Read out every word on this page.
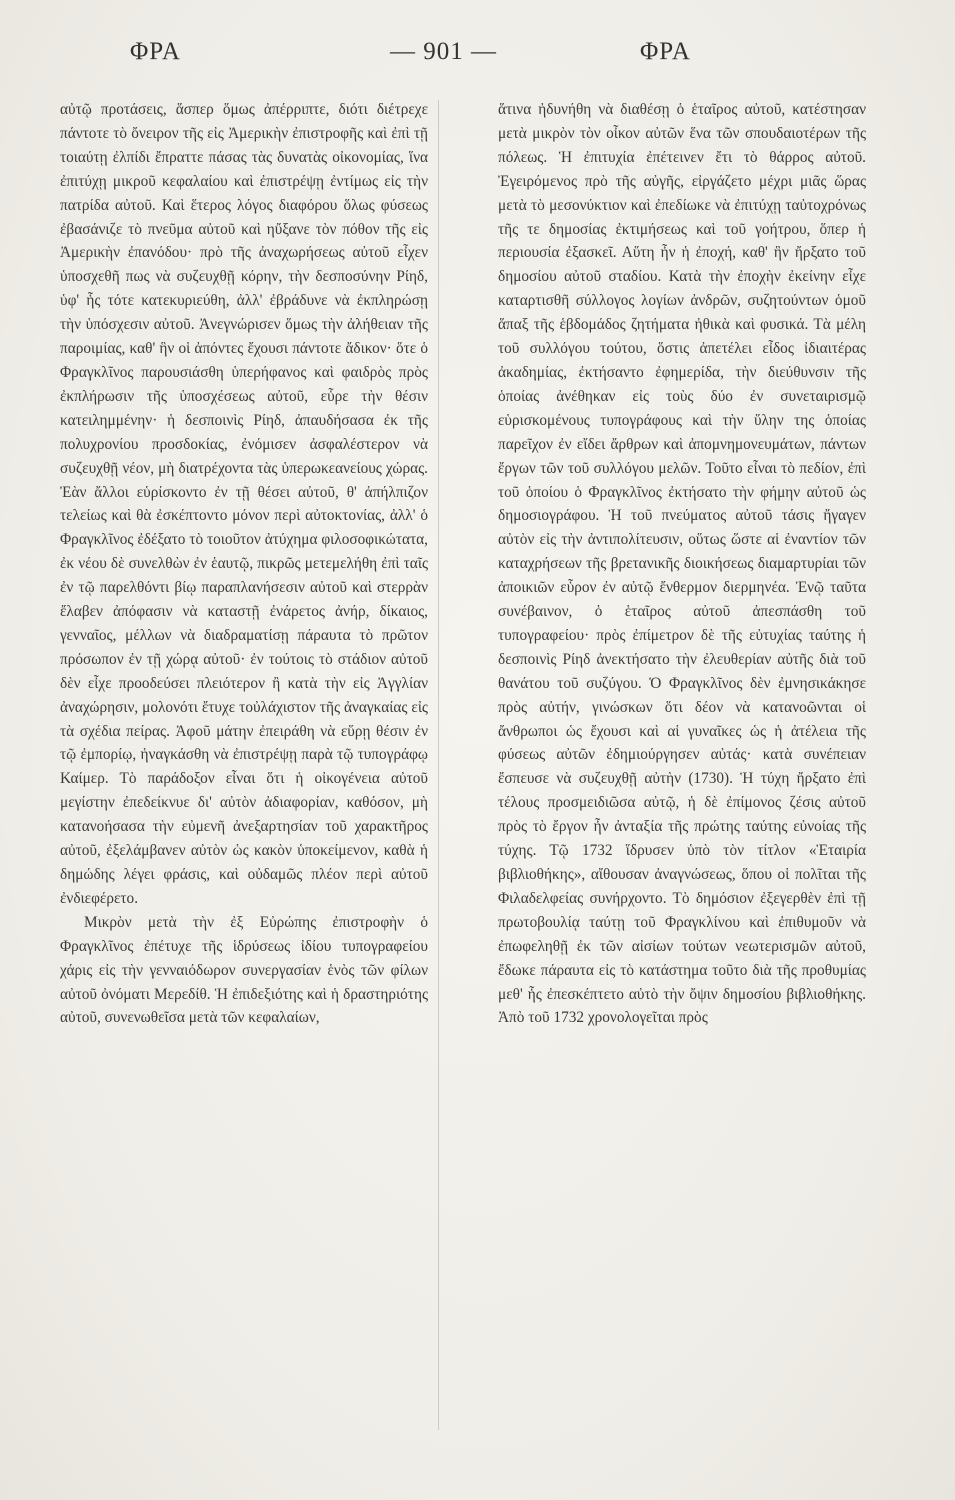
ΦΡΑ	— 901 —	ΦΡΑ

αὐτῷ προτάσεις, ἅσπερ ὅμως ἀπέρριπτε, διότι διέτρεχε πάντοτε τὸ ὄνειρον τῆς εἰς Ἀμερικὴν ἐπιστροφῆς καὶ ἐπὶ τῇ τοιαύτῃ ἐλπίδι ἔπραττε πάσας τὰς δυνατὰς οἰκονομίας, ἵνα ἐπιτύχῃ μικροῦ κεφαλαίου καὶ ἐπιστρέψῃ ἐντίμως εἰς τὴν πατρίδα αὐτοῦ. Καὶ ἕτερος λόγος διαφόρου ὅλως φύσεως ἐβασάνιζε τὸ πνεῦμα αὐτοῦ καὶ ηὔξανε τὸν πόθον τῆς εἰς Ἀμερικὴν ἐπανόδου· πρὸ τῆς ἀναχωρήσεως αὐτοῦ εἶχεν ὑποσχεθῆ πως νὰ συζευχθῇ κόρην, τὴν δεσποσύνην Ρίηδ, ὑφ' ἧς τότε κατεκυριεύθη, ἀλλ' ἐβράδυνε νὰ ἐκπληρώσῃ τὴν ὑπόσχεσιν αὐτοῦ. Ἀνεγνώρισεν ὅμως τὴν ἀλήθειαν τῆς παροιμίας, καθ' ἣν οἱ ἀπόντες ἔχουσι πάντοτε ἄδικον· ὅτε ὁ Φραγκλῖνος παρουσιάσθη ὑπερήφανος καὶ φαιδρὸς πρὸς ἐκπλήρωσιν τῆς ὑποσχέσεως αὐτοῦ, εὗρε τὴν θέσιν κατειλημμένην· ἡ δεσποινὶς Ρίηδ, ἀπαυδήσασα ἐκ τῆς πολυχρονίου προσδοκίας, ἐνόμισεν ἀσφαλέστερον νὰ συζευχθῇ νέον, μὴ διατρέχοντα τὰς ὑπερωκεανείους χώρας. Ἐὰν ἄλλοι εὑρίσκοντο ἐν τῇ θέσει αὐτοῦ, θ' ἀπήλπιζον τελείως καὶ θὰ ἐσκέπτοντο μόνον περὶ αὐτοκτονίας, ἀλλ' ὁ Φραγκλῖνος ἐδέξατο τὸ τοιοῦτον ἀτύχημα φιλοσοφικώτατα, ἐκ νέου δὲ συνελθὼν ἐν ἑαυτῷ, πικρῶς μετεμελήθη ἐπὶ ταῖς ἐν τῷ παρελθόντι βίῳ παραπλανήσεσιν αὐτοῦ καὶ στερρὰν ἔλαβεν ἀπόφασιν νὰ καταστῇ ἐνάρετος ἀνήρ, δίκαιος, γενναῖος, μέλλων νὰ διαδραματίσῃ πάραυτα τὸ πρῶτον πρόσωπον ἐν τῇ χώρᾳ αὐτοῦ· ἐν τούτοις τὸ στάδιον αὐτοῦ δὲν εἶχε προοδεύσει πλειότερον ἢ κατὰ τὴν εἰς Ἀγγλίαν ἀναχώρησιν, μολονότι ἔτυχε τοὐλάχιστον τῆς ἀναγκαίας εἰς τὰ σχέδια πείρας. Ἀφοῦ μάτην ἐπειράθη νὰ εὕρῃ θέσιν ἐν τῷ ἐμπορίῳ, ἠναγκάσθη νὰ ἐπιστρέψῃ παρὰ τῷ τυπογράφῳ Καίμερ. Τὸ παράδοξον εἶναι ὅτι ἡ οἰκογένεια αὐτοῦ μεγίστην ἐπεδείκνυε δι' αὐτὸν ἀδιαφορίαν, καθόσον, μὴ κατανοήσασα τὴν εὐμενῆ ἀνεξαρτησίαν τοῦ χαρακτῆρος αὐτοῦ, ἐξελάμβανεν αὐτὸν ὡς κακὸν ὑποκείμενον, καθὰ ἡ δημώδης λέγει φράσις, καὶ οὐδαμῶς πλέον περὶ αὐτοῦ ἐνδιεφέρετο.

Μικρὸν μετὰ τὴν ἐξ Εὐρώπης ἐπιστροφὴν ὁ Φραγκλῖνος ἐπέτυχε τῆς ἱδρύσεως ἰδίου τυπογραφείου χάρις εἰς τὴν γενναιόδωρον συνεργασίαν ἑνὸς τῶν φίλων αὐτοῦ ὀνόματι Μερεδίθ. Ἡ ἐπιδεξιότης καὶ ἡ δραστηριότης αὐτοῦ, συνενωθεῖσα μετὰ τῶν κεφαλαίων,

ἅτινα ἠδυνήθη νὰ διαθέσῃ ὁ ἑταῖρος αὐτοῦ, κατέστησαν μετὰ μικρὸν τὸν οἶκον αὐτῶν ἕνα τῶν σπουδαιοτέρων τῆς πόλεως. Ἡ ἐπιτυχία ἐπέτεινεν ἔτι τὸ θάρρος αὐτοῦ. Ἐγειρόμενος πρὸ τῆς αὐγῆς, εἰργάζετο μέχρι μιᾶς ὥρας μετὰ τὸ μεσονύκτιον καὶ ἐπεδίωκε νὰ ἐπιτύχῃ ταὐτοχρόνως τῆς τε δημοσίας ἐκτιμήσεως καὶ τοῦ γοήτρου, ὅπερ ἡ περιουσία ἐξασκεῖ. Αὕτη ἦν ἡ ἐποχή, καθ' ἣν ἤρξατο τοῦ δημοσίου αὐτοῦ σταδίου. Κατὰ τὴν ἐποχὴν ἐκείνην εἶχε καταρτισθῆ σύλλογος λογίων ἀνδρῶν, συζητούντων ὁμοῦ ἅπαξ τῆς ἑβδομάδος ζητήματα ἠθικὰ καὶ φυσικά. Τὰ μέλη τοῦ συλλόγου τούτου, ὅστις ἀπετέλει εἶδος ἰδιαιτέρας ἀκαδημίας, ἐκτήσαντο ἐφημερίδα, τὴν διεύθυνσιν τῆς ὁποίας ἀνέθηκαν εἰς τοὺς δύο ἐν συνεταιρισμῷ εὑρισκομένους τυπογράφους καὶ τὴν ὕλην της ὁποίας παρεῖχον ἐν εἴδει ἄρθρων καὶ ἀπομνημονευμάτων, πάντων ἔργων τῶν τοῦ συλλόγου μελῶν. Τοῦτο εἶναι τὸ πεδίον, ἐπὶ τοῦ ὁποίου ὁ Φραγκλῖνος ἐκτήσατο τὴν φήμην αὐτοῦ ὡς δημοσιογράφου. Ἡ τοῦ πνεύματος αὐτοῦ τάσις ἤγαγεν αὐτὸν εἰς τὴν ἀντιπολίτευσιν, οὕτως ὥστε αἱ ἐναντίον τῶν καταχρήσεων τῆς βρετανικῆς διοικήσεως διαμαρτυρίαι τῶν ἀποικιῶν εὗρον ἐν αὐτῷ ἔνθερμον διερμηνέα. Ἐνῷ ταῦτα συνέβαινον, ὁ ἑταῖρος αὐτοῦ ἀπεσπάσθη τοῦ τυπογραφείου· πρὸς ἐπίμετρον δὲ τῆς εὐτυχίας ταύτης ἡ δεσποινὶς Ρίηδ ἀνεκτήσατο τὴν ἐλευθερίαν αὐτῆς διὰ τοῦ θανάτου τοῦ συζύγου. Ὁ Φραγκλῖνος δὲν ἐμνησικάκησε πρὸς αὐτήν, γινώσκων ὅτι δέον νὰ κατανοῶνται οἱ ἄνθρωποι ὡς ἔχουσι καὶ αἱ γυναῖκες ὡς ἡ ἀτέλεια τῆς φύσεως αὐτῶν ἐδημιούργησεν αὐτάς· κατὰ συνέπειαν ἔσπευσε νὰ συζευχθῇ αὐτὴν (1730). Ἡ τύχη ἤρξατο ἐπὶ τέλους προσμειδιῶσα αὐτῷ, ἡ δὲ ἐπίμονος ζέσις αὐτοῦ πρὸς τὸ ἔργον ἦν ἀνταξία τῆς πρώτης ταύτης εὐνοίας τῆς τύχης. Τῷ 1732 ἵδρυσεν ὑπὸ τὸν τίτλον «Ἑταιρία βιβλιοθήκης», αἴθουσαν ἀναγνώσεως, ὅπου οἱ πολῖται τῆς Φιλαδελφείας συνήρχοντο. Τὸ δημόσιον ἐξεγερθὲν ἐπὶ τῇ πρωτοβουλίᾳ ταύτῃ τοῦ Φραγκλίνου καὶ ἐπιθυμοῦν νὰ ἐπωφεληθῇ ἐκ τῶν αἰσίων τούτων νεωτερισμῶν αὐτοῦ, ἔδωκε πάραυτα εἰς τὸ κατάστημα τοῦτο διὰ τῆς προθυμίας μεθ' ἧς ἐπεσκέπτετο αὐτὸ τὴν ὄψιν δημοσίου βιβλιοθήκης. Ἀπὸ τοῦ 1732 χρονολογεῖται πρὸς
